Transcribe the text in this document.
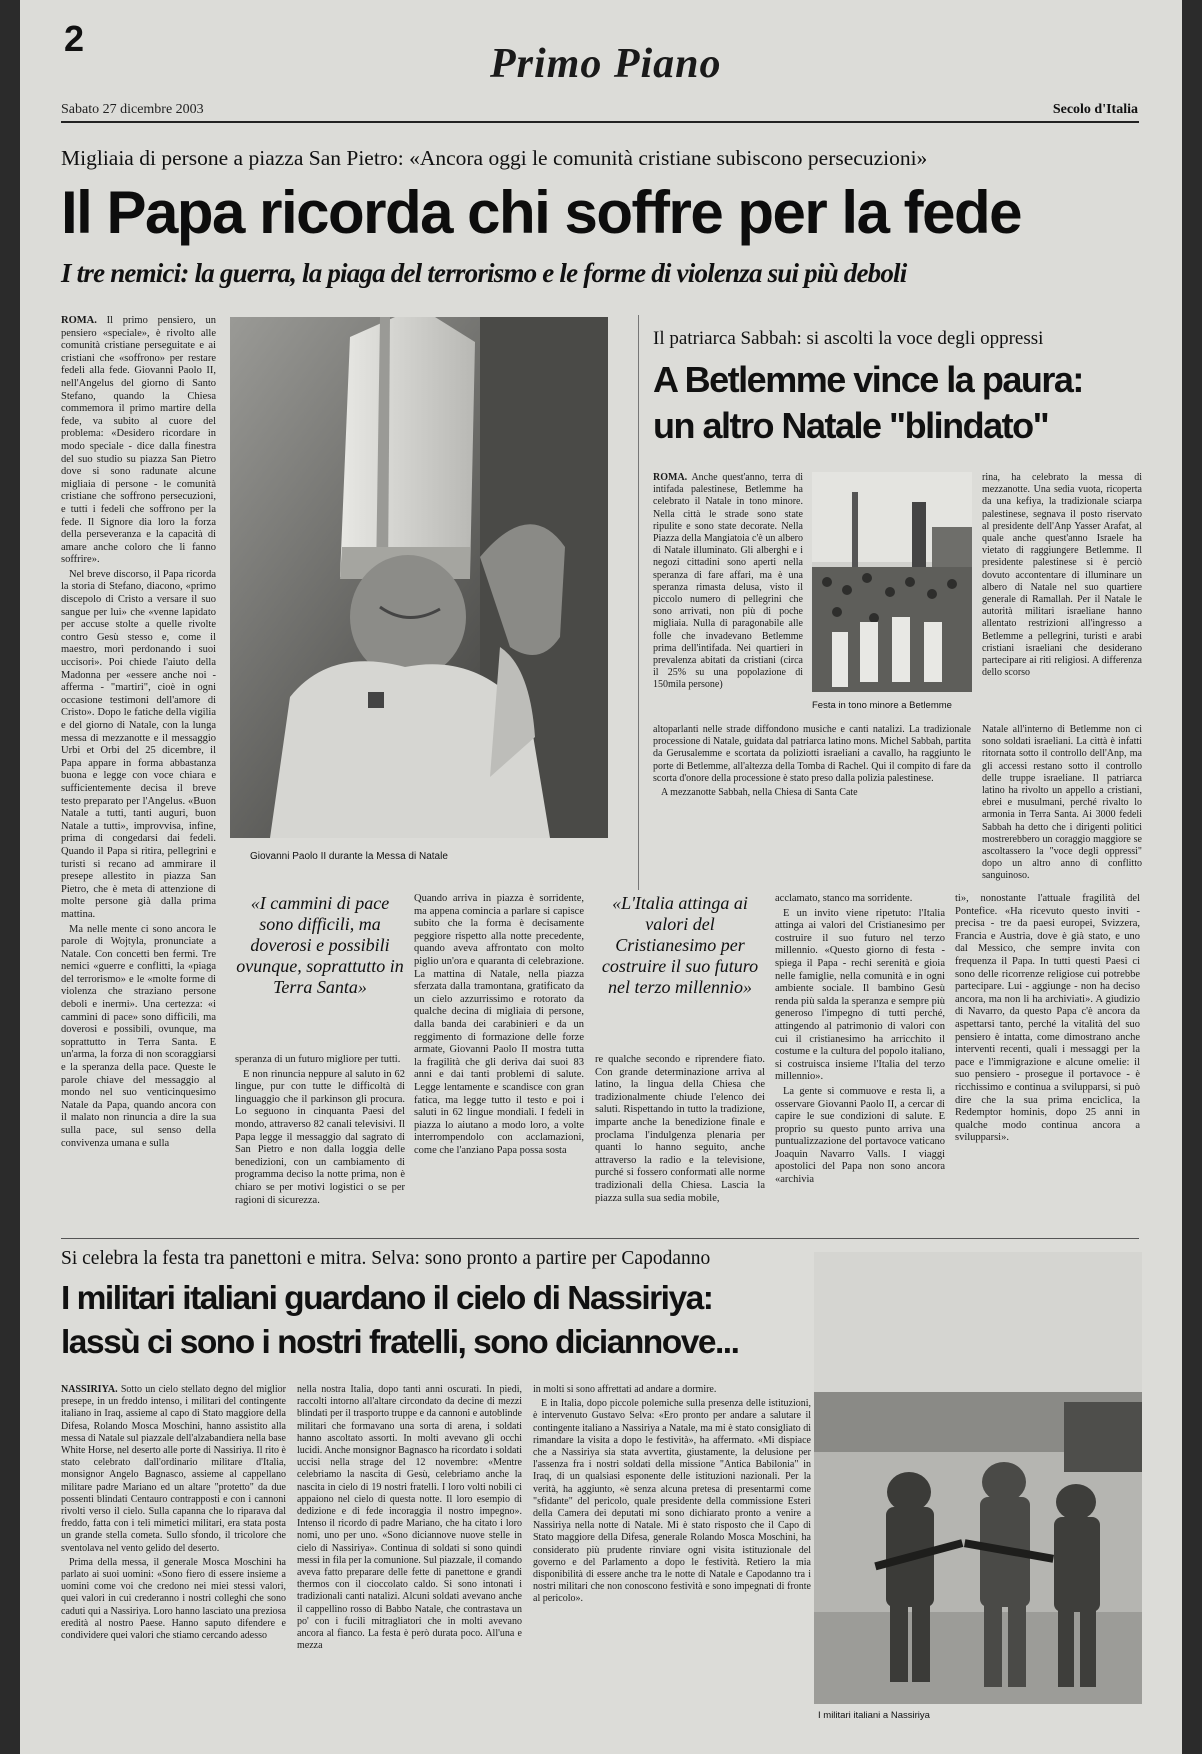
2
Primo Piano
Sabato 27 dicembre 2003	Secolo d'Italia
Migliaia di persone a piazza San Pietro: «Ancora oggi le comunità cristiane subiscono persecuzioni»
Il Papa ricorda chi soffre per la fede
I tre nemici: la guerra, la piaga del terrorismo e le forme di violenza sui più deboli

ROMA. Il primo pensiero, un pensiero «speciale», è rivolto alle comunità cristiane perseguitate e ai cristiani che «soffrono» per restare fedeli alla fede. Giovanni Paolo II, nell'Angelus del giorno di Santo Stefano, quando la Chiesa commemora il primo martire della fede, va subito al cuore del problema: «Desidero ricordare in modo speciale - dice dalla finestra del suo studio su piazza San Pietro dove si sono radunate alcune migliaia di persone - le comunità cristiane che soffrono persecuzioni, e tutti i fedeli che soffrono per la fede. Il Signore dia loro la forza della perseveranza e la capacità di amare anche coloro che li fanno soffrire».

Nel breve discorso, il Papa ricorda la storia di Stefano, diacono, «primo discepolo di Cristo a versare il suo sangue per lui» che «venne lapidato per accuse stolte a quelle rivolte contro Gesù stesso e, come il maestro, morì perdonando i suoi uccisori». Poi chiede l'aiuto della Madonna per «essere anche noi - afferma - "martiri", cioè in ogni occasione testimoni dell'amore di Cristo». Dopo le fatiche della vigilia e del giorno di Natale, con la lunga messa di mezzanotte e il messaggio Urbi et Orbi del 25 dicembre, il Papa appare in forma abbastanza buona e legge con voce chiara e sufficientemente decisa il breve testo preparato per l'Angelus. «Buon Natale a tutti, tanti auguri, buon Natale a tutti», improvvisa, infine, prima di congedarsi dai fedeli. Quando il Papa si ritira, pellegrini e turisti si recano ad ammirare il presepe allestito in piazza San Pietro, che è meta di attenzione di molte persone già dalla prima mattina.

Ma nelle mente ci sono ancora le parole di Wojtyla, pronunciate a Natale. Con concetti ben fermi. Tre nemici «guerre e conflitti, la «piaga del terrorismo» e le «molte forme di violenza che straziano persone deboli e inermi». Una certezza: «i cammini di pace» sono difficili, ma doverosi e possibili, ovunque, ma soprattutto in Terra Santa. E un'arma, la forza di non scoraggiarsi e la speranza della pace. Queste le parole chiave del messaggio al mondo nel suo venticinquesimo Natale da Papa, quando ancora con il malato non rinuncia a dire la sua sulla pace, sul senso della convivenza umana e sulla

Giovanni Paolo II durante la Messa di Natale
Il patriarca Sabbah: si ascolti la voce degli oppressi
A Betlemme vince la paura:
un altro Natale "blindato"

ROMA. Anche quest'anno, terra di intifada palestinese, Betlemme ha celebrato il Natale in tono minore. Nella città le strade sono state ripulite e sono state decorate. Nella Piazza della Mangiatoia c'è un albero di Natale illuminato. Gli alberghi e i negozi cittadini sono aperti nella speranza di fare affari, ma è una speranza rimasta delusa, visto il piccolo numero di pellegrini che sono arrivati, non più di poche migliaia. Nulla di paragonabile alle folle che invadevano Betlemme prima dell'intifada. Nei quartieri in prevalenza abitati da cristiani (circa il 25% su una popolazione di 150mila persone)

Festa in tono minore a Betlemme

altoparlanti nelle strade diffondono musiche e canti natalizi. La tradizionale processione di Natale, guidata dal patriarca latino mons. Michel Sabbah, partita da Gerusalemme e scortata da poliziotti israeliani a cavallo, ha raggiunto le porte di Betlemme, all'altezza della Tomba di Rachel. Qui il compito di fare da scorta d'onore della processione è stato preso dalla polizia palestinese.

A mezzanotte Sabbah, nella Chiesa di Santa Cate

rina, ha celebrato la messa di mezzanotte. Una sedia vuota, ricoperta da una kefiya, la tradizionale sciarpa palestinese, segnava il posto riservato al presidente dell'Anp Yasser Arafat, al quale anche quest'anno Israele ha vietato di raggiungere Betlemme. Il presidente palestinese si è perciò dovuto accontentare di illuminare un albero di Natale nel suo quartiere generale di Ramallah. Per il Natale le autorità militari israeliane hanno allentato restrizioni all'ingresso a Betlemme a pellegrini, turisti e arabi cristiani israeliani che desiderano partecipare ai riti religiosi. A differenza dello scorso

Natale all'interno di Betlemme non ci sono soldati israeliani. La città è infatti ritornata sotto il controllo dell'Anp, ma gli accessi restano sotto il controllo delle truppe israeliane. Il patriarca latino ha rivolto un appello a cristiani, ebrei e musulmani, perché rivalto lo armonia in Terra Santa. Ai 3000 fedeli Sabbah ha detto che i dirigenti politici mostrerebbero un coraggio maggiore se ascoltassero la "voce degli oppressi" dopo un altro anno di conflitto sanguinoso.

«I cammini di pace sono difficili, ma doverosi e possibili ovunque, soprattutto in Terra Santa»

speranza di un futuro migliore per tutti.

E non rinuncia neppure al saluto in 62 lingue, pur con tutte le difficoltà di linguaggio che il parkinson gli procura. Lo seguono in cinquanta Paesi del mondo, attraverso 82 canali televisivi. Il Papa legge il messaggio dal sagrato di San Pietro e non dalla loggia delle benedizioni, con un cambiamento di programma deciso la notte prima, non è chiaro se per motivi logistici o se per ragioni di sicurezza.

Quando arriva in piazza è sorridente, ma appena comincia a parlare si capisce subito che la forma è decisamente peggiore rispetto alla notte precedente, quando aveva affrontato con molto piglio un'ora e quaranta di celebrazione. La mattina di Natale, nella piazza sferzata dalla tramontana, gratificato da un cielo azzurrissimo e rotorato da qualche decina di migliaia di persone, dalla banda dei carabinieri e da un reggimento di formazione delle forze armate, Giovanni Paolo II mostra tutta la fragilità che gli deriva dai suoi 83 anni e dai tanti problemi di salute. Legge lentamente e scandisce con gran fatica, ma legge tutto il testo e poi i saluti in 62 lingue mondiali. I fedeli in piazza lo aiutano a modo loro, a volte interrompendolo con acclamazioni, come che l'anziano Papa possa sosta

«L'Italia attinga ai valori del Cristianesimo per costruire il suo futuro nel terzo millennio»

re qualche secondo e riprendere fiato. Con grande determinazione arriva al latino, la lingua della Chiesa che tradizionalmente chiude l'elenco dei saluti. Rispettando in tutto la tradizione, imparte anche la benedizione finale e proclama l'indulgenza plenaria per quanti lo hanno seguito, anche attraverso la radio e la televisione, purché si fossero conformati alle norme tradizionali della Chiesa. Lascia la piazza sulla sua sedia mobile,

acclamato, stanco ma sorridente.

E un invito viene ripetuto: l'Italia attinga ai valori del Cristianesimo per costruire il suo futuro nel terzo millennio. «Questo giorno di festa - spiega il Papa - rechi serenità e gioia nelle famiglie, nella comunità e in ogni ambiente sociale. Il bambino Gesù renda più salda la speranza e sempre più generoso l'impegno di tutti perché, attingendo al patrimonio di valori con cui il cristianesimo ha arricchito il costume e la cultura del popolo italiano, si costruisca insieme l'Italia del terzo millennio».

La gente si commuove e resta lì, a osservare Giovanni Paolo II, a cercar di capire le sue condizioni di salute. E proprio su questo punto arriva una puntualizzazione del portavoce vaticano Joaquin Navarro Valls. I viaggi apostolici del Papa non sono ancora «archivia

ti», nonostante l'attuale fragilità del Pontefice. «Ha ricevuto questo inviti - precisa - tre da paesi europei, Svizzera, Francia e Austria, dove è già stato, e uno dal Messico, che sempre invita con frequenza il Papa. In tutti questi Paesi ci sono delle ricorrenze religiose cui potrebbe partecipare. Lui - aggiunge - non ha deciso ancora, ma non li ha archiviati». A giudizio di Navarro, da questo Papa c'è ancora da aspettarsi tanto, perché la vitalità del suo pensiero è intatta, come dimostrano anche interventi recenti, quali i messaggi per la pace e l'immigrazione e alcune omelie: il suo pensiero - prosegue il portavoce - è ricchissimo e continua a svilupparsi, si può dire che la sua prima enciclica, la Redemptor hominis, dopo 25 anni in qualche modo continua ancora a svilupparsi».

Si celebra la festa tra panettoni e mitra. Selva: sono pronto a partire per Capodanno
I militari italiani guardano il cielo di Nassiriya:
lassù ci sono i nostri fratelli, sono diciannove...

NASSIRIYA. Sotto un cielo stellato degno del miglior presepe, in un freddo intenso, i militari del contingente italiano in Iraq, assieme al capo di Stato maggiore della Difesa, Rolando Mosca Moschini, hanno assistito alla messa di Natale sul piazzale dell'alzabandiera nella base White Horse, nel deserto alle porte di Nassiriya. Il rito è stato celebrato dall'ordinario militare d'Italia, monsignor Angelo Bagnasco, assieme al cappellano militare padre Mariano ed un altare "protetto" da due possenti blindati Centauro contrapposti e con i cannoni rivolti verso il cielo. Sulla capanna che lo riparava dal freddo, fatta con i teli mimetici militari, era stata posta un grande stella cometa. Sullo sfondo, il tricolore che sventolava nel vento gelido del deserto.

Prima della messa, il generale Mosca Moschini ha parlato ai suoi uomini: «Sono fiero di essere insieme a uomini come voi che credono nei miei stessi valori, quei valori in cui crederanno i nostri colleghi che sono caduti qui a Nassiriya. Loro hanno lasciato una preziosa eredità al nostro Paese. Hanno saputo difendere e condividere quei valori che stiamo cercando adesso

nella nostra Italia, dopo tanti anni oscurati. In piedi, raccolti intorno all'altare circondato da decine di mezzi blindati per il trasporto truppe e da cannoni e autoblinde militari che formavano una sorta di arena, i soldati hanno ascoltato assorti. In molti avevano gli occhi lucidi. Anche monsignor Bagnasco ha ricordato i soldati uccisi nella strage del 12 novembre: «Mentre celebriamo la nascita di Gesù, celebriamo anche la nascita in cielo di 19 nostri fratelli. I loro volti nobili ci appaiono nel cielo di questa notte. Il loro esempio di dedizione e di fede incoraggia il nostro impegno». Intenso il ricordo di padre Mariano, che ha citato i loro nomi, uno per uno. «Sono diciannove nuove stelle in cielo di Nassiriya». Continua di soldati si sono quindi messi in fila per la comunione. Sul piazzale, il comando aveva fatto preparare delle fette di panettone e grandi thermos con il cioccolato caldo. Si sono intonati i tradizionali canti natalizi. Alcuni soldati avevano anche il cappellino rosso di Babbo Natale, che contrastava un po' con i fucili mitragliatori che in molti avevano ancora al fianco. La festa è però durata poco. All'una e mezza

in molti si sono affrettati ad andare a dormire.

E in Italia, dopo piccole polemiche sulla presenza delle istituzioni, è intervenuto Gustavo Selva: «Ero pronto per andare a salutare il contingente italiano a Nassiriya a Natale, ma mi è stato consigliato di rimandare la visita a dopo le festività», ha affermato. «Mi dispiace che a Nassiriya sia stata avvertita, giustamente, la delusione per l'assenza fra i nostri soldati della missione "Antica Babilonia" in Iraq, di un qualsiasi esponente delle istituzioni nazionali. Per la verità, ha aggiunto, «è senza alcuna pretesa di presentarmi come "sfidante" del pericolo, quale presidente della commissione Esteri della Camera dei deputati mi sono dichiarato pronto a venire a Nassiriya nella notte di Natale. Mi è stato risposto che il Capo di Stato maggiore della Difesa, generale Rolando Mosca Moschini, ha considerato più prudente rinviare ogni visita istituzionale del governo e del Parlamento a dopo le festività. Retiero la mia disponibilità di essere anche tra le notte di Natale e Capodanno tra i nostri militari che non conoscono festività e sono impegnati di fronte al pericolo».

I militari italiani a Nassiriya
